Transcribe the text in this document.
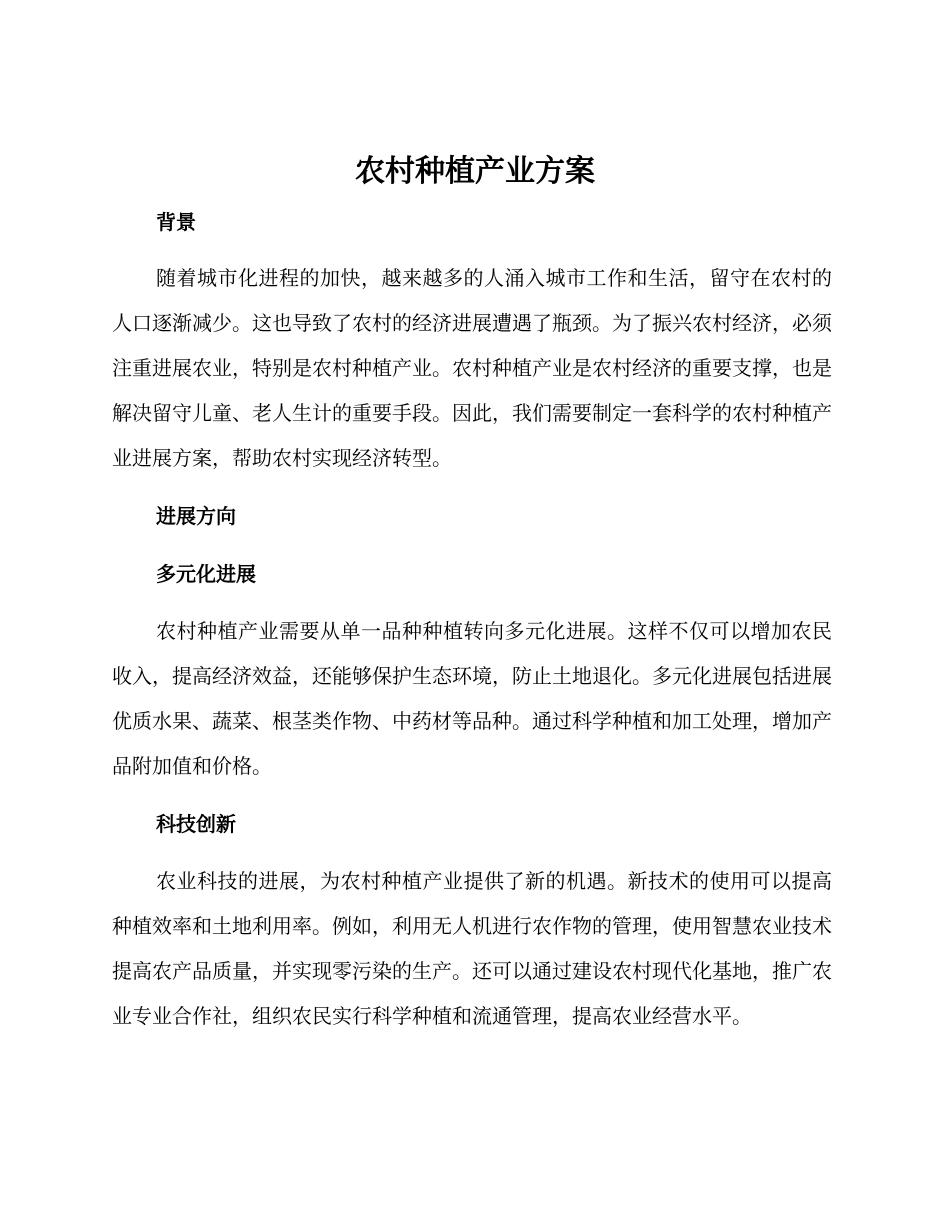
农村种植产业方案
背景

随着城市化进程的加快，越来越多的人涌入城市工作和生活，留守在农村的人口逐渐减少。这也导致了农村的经济进展遭遇了瓶颈。为了振兴农村经济，必须注重进展农业，特别是农村种植产业。农村种植产业是农村经济的重要支撑，也是解决留守儿童、老人生计的重要手段。因此，我们需要制定一套科学的农村种植产业进展方案，帮助农村实现经济转型。

进展方向
多元化进展

农村种植产业需要从单一品种种植转向多元化进展。这样不仅可以增加农民收入，提高经济效益，还能够保护生态环境，防止土地退化。多元化进展包括进展优质水果、蔬菜、根茎类作物、中药材等品种。通过科学种植和加工处理，增加产品附加值和价格。

科技创新

农业科技的进展，为农村种植产业提供了新的机遇。新技术的使用可以提高种植效率和土地利用率。例如，利用无人机进行农作物的管理，使用智慧农业技术提高农产品质量，并实现零污染的生产。还可以通过建设农村现代化基地，推广农业专业合作社，组织农民实行科学种植和流通管理，提高农业经营水平。
